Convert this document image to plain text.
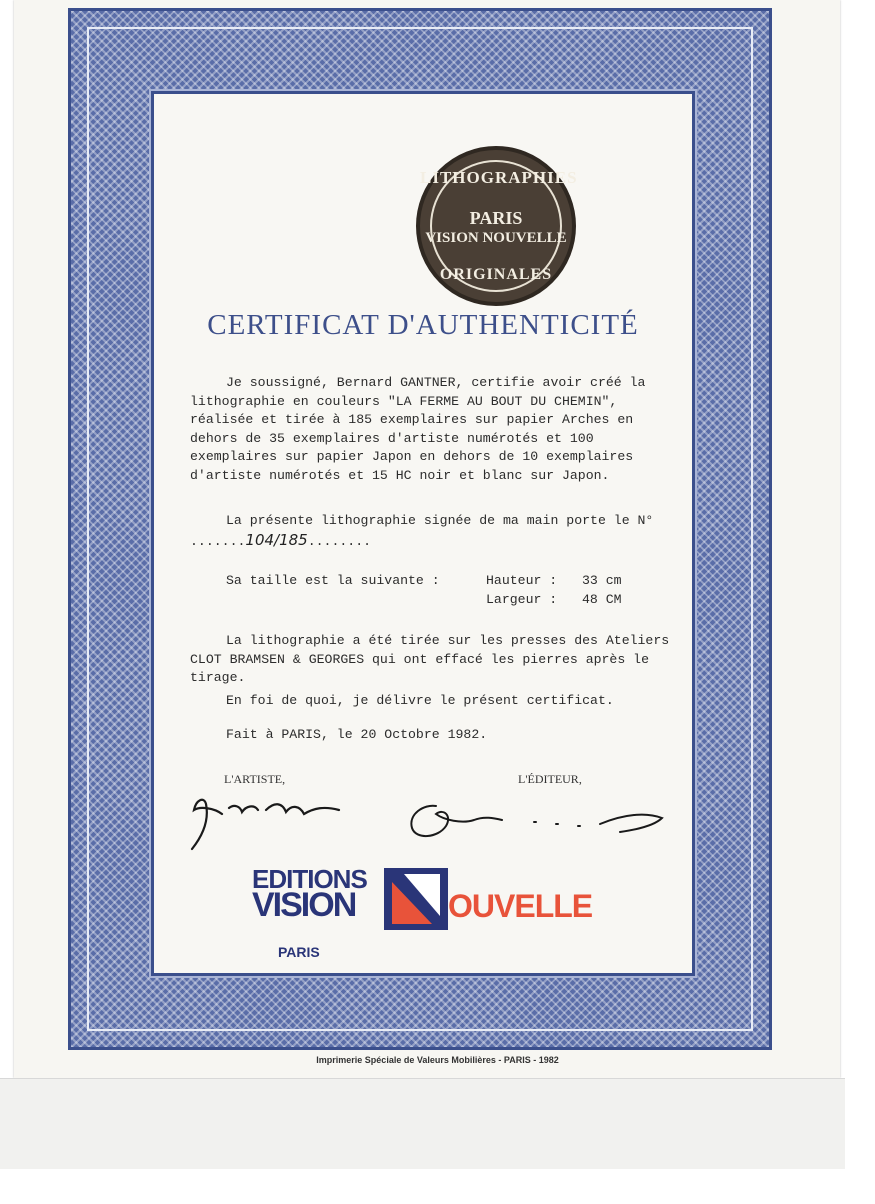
LITHOGRAPHIES
PARIS
VISION NOUVELLE
ORIGINALES
CERTIFICAT D'AUTHENTICITÉ

Je soussigné, Bernard GANTNER, certifie avoir créé la lithographie en couleurs "LA FERME AU BOUT DU CHEMIN", réalisée et tirée à 185 exemplaires sur papier Arches en dehors de 35 exemplaires d'artiste numérotés et 100 exemplaires sur papier Japon en dehors de 10 exemplaires d'artiste numérotés et 15 HC noir et blanc sur Japon.

La présente lithographie signée de ma main porte le N° .......104/185........

Sa taille est la suivante :	Hauteur :	33 cm
Largeur :	48 CM

La lithographie a été tirée sur les presses des Ateliers CLOT BRAMSEN & GEORGES qui ont effacé les pierres après le tirage.

En foi de quoi, je délivre le présent certificat.

Fait à PARIS, le 20 Octobre 1982.

L'ARTISTE,	L'ÉDITEUR,
EDITIONS
VISION	OUVELLE
PARIS
Imprimerie Spéciale de Valeurs Mobilières - PARIS - 1982
